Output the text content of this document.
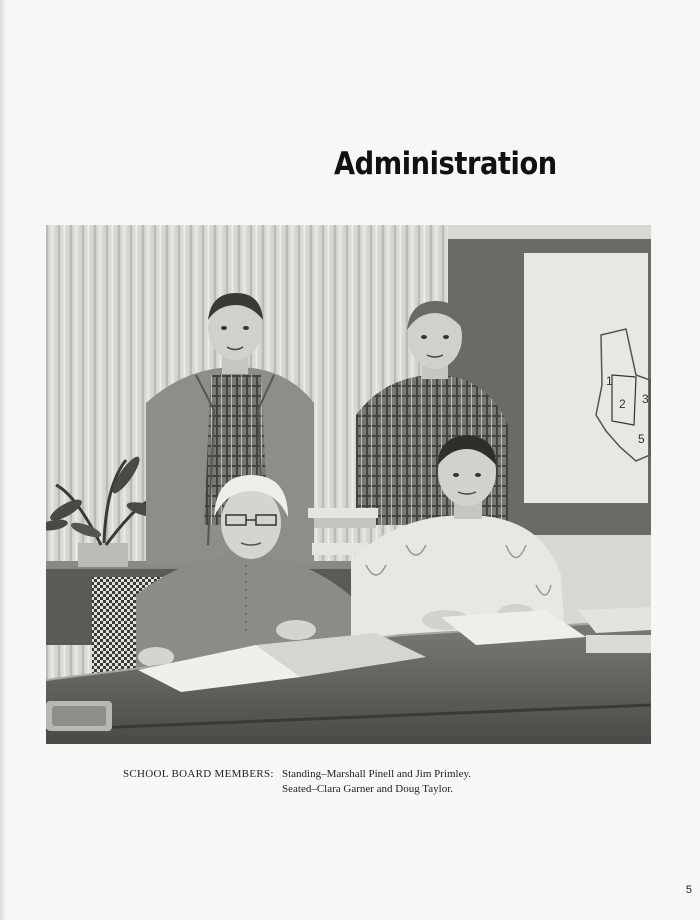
Administration
1
2 3
5
SCHOOL BOARD MEMBERS: Standing–Marshall Pinell and Jim Primley.
Seated–Clara Garner and Doug Taylor.
5
